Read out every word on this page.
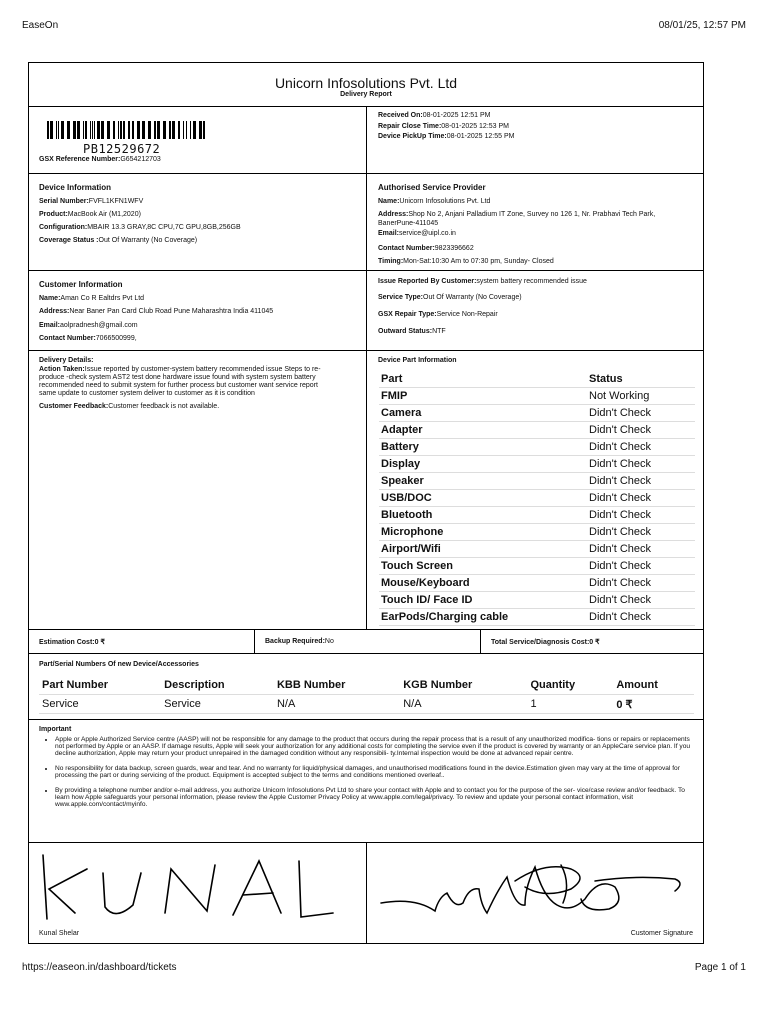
EaseOn	08/01/25, 12:57 PM
Unicorn Infosolutions Pvt. Ltd
Delivery Report
PB12529672
GSX Reference Number:G654212703
Received On:08-01-2025 12:51 PM
Repair Close Time:08-01-2025 12:53 PM
Device PickUp Time:08-01-2025 12:55 PM
Device Information
Serial Number:FVFL1KFN1WFV
Product:MacBook Air (M1,2020)
Configuration:MBAIR 13.3 GRAY,8C CPU,7C GPU,8GB,256GB
Coverage Status :Out Of Warranty (No Coverage)
Authorised Service Provider
Name:Unicorn Infosolutions Pvt. Ltd
Address:Shop No 2, Anjani Palladium IT Zone, Survey no 126 1, Nr. Prabhavi Tech Park,
BanerPune-411045
Email:service@uipl.co.in
Contact Number:9823396662
Timing:Mon-Sat:10:30 Am to 07:30 pm, Sunday- Closed
Customer Information
Name:Aman Co R Ealtdrs Pvt Ltd
Address:Near Baner Pan Card Club Road Pune Maharashtra India 411045
Email:aolpradnesh@gmail.com
Contact Number:7066500999,
Issue Reported By Customer:system battery recommended issue
Service Type:Out Of Warranty (No Coverage)
GSX Repair Type:Service Non-Repair
Outward Status:NTF
Delivery Details:
Action Taken:Issue reported by customer-system battery recommended issue Steps to re-
produce -check system AST2 test done hardware issue found with system system battery
recommended need to submit system for further process but customer want service report
same update to customer system deliver to customer as it is condition
Customer Feedback:Customer feedback is not available.
Device Part Information
Part	Status
FMIP	Not Working
Camera	Didn't Check
Adapter	Didn't Check
Battery	Didn't Check
Display	Didn't Check
Speaker	Didn't Check
USB/DOC	Didn't Check
Bluetooth	Didn't Check
Microphone	Didn't Check
Airport/Wifi	Didn't Check
Touch Screen	Didn't Check
Mouse/Keyboard	Didn't Check
Touch ID/ Face ID	Didn't Check
EarPods/Charging cable	Didn't Check
Estimation Cost:0 ₹	Backup Required:No	Total Service/Diagnosis Cost:0 ₹
Part/Serial Numbers Of new Device/Accessories
Part Number	Description	KBB Number	KGB Number	Quantity	Amount
Service	Service	N/A	N/A	1	0 ₹
Important
• Apple or Apple Authorized Service centre (AASP) will not be responsible for any damage to the product that occurs during the repair process that is a result of any unauthorized modifica- tions or repairs or replacements not performed by Apple or an AASP. If damage results, Apple will seek your authorization for any additional costs for completing the service even if the product is covered by warranty or an AppleCare service plan. If you decline authorization, Apple may return your product unrepaired in the damaged condition without any responsibili- ty.Internal inspection would be done at advanced repair centre.
• No responsibility for data backup, screen guards, wear and tear. And no warranty for liquid/physical damages, and unauthorised modifications found in the device.Estimation given may vary at the time of approval for processing the part or during servicing of the product. Equipment is accepted subject to the terms and conditions mentioned overleaf..
• By providing a telephone number and/or e-mail address, you authorize Unicorn Infosolutions Pvt Ltd to share your contact with Apple and to contact you for the purpose of the ser- vice/case review and/or feedback. To learn how Apple safeguards your personal information, please review the Apple Customer Privacy Policy at www.apple.com/legal/privacy. To review and update your personal contact information, visit www.apple.com/contact/myinfo.
Kunal Shelar	Customer Signature
https://easeon.in/dashboard/tickets	Page 1 of 1
